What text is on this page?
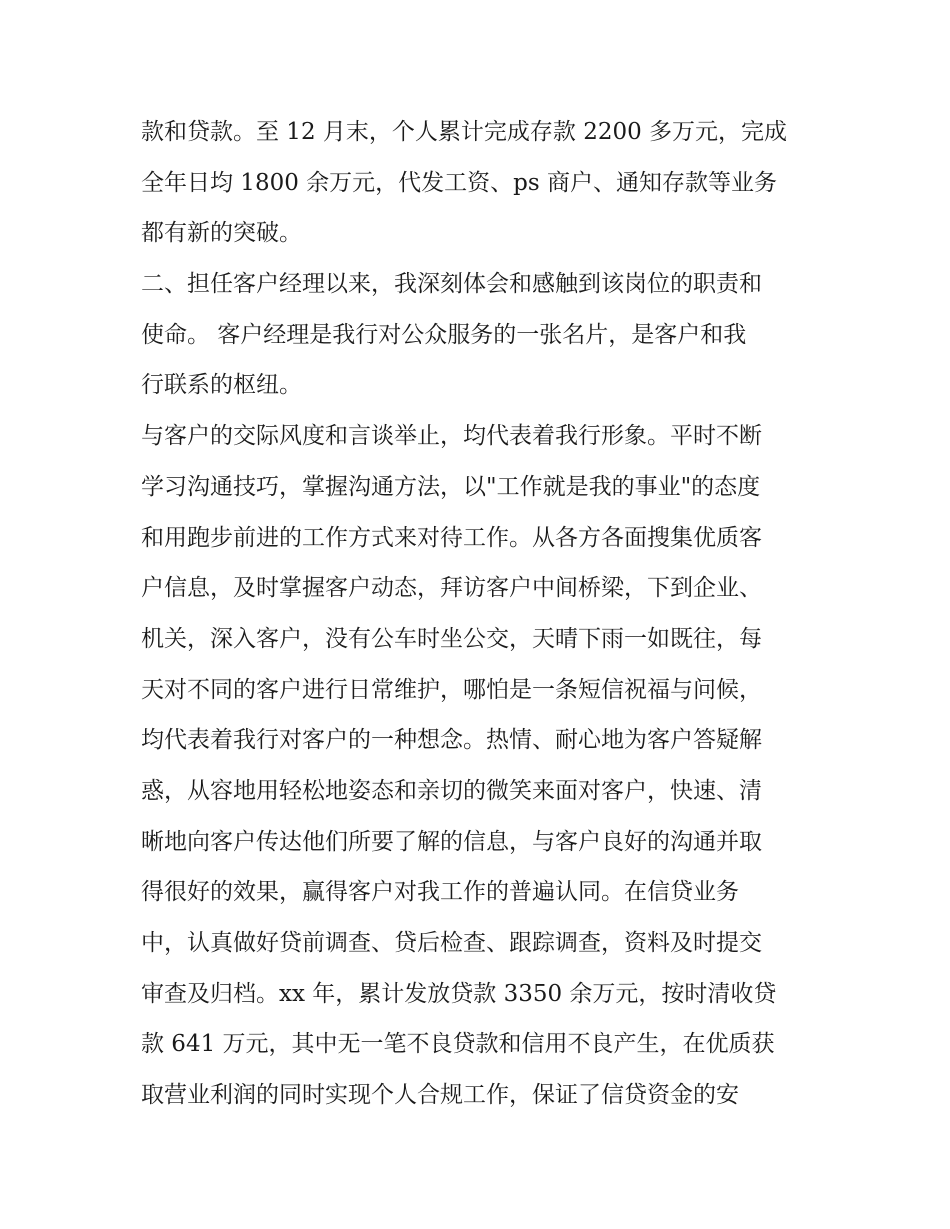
款和贷款。至 12 月末，个人累计完成存款 2200 多万元，完成
全年日均 1800 余万元，代发工资、ps 商户、通知存款等业务
都有新的突破。
二、担任客户经理以来，我深刻体会和感触到该岗位的职责和
使命。 客户经理是我行对公众服务的一张名片，是客户和我
行联系的枢纽。
与客户的交际风度和言谈举止，均代表着我行形象。平时不断
学习沟通技巧，掌握沟通方法，以"工作就是我的事业"的态度
和用跑步前进的工作方式来对待工作。从各方各面搜集优质客
户信息，及时掌握客户动态，拜访客户中间桥梁，下到企业、
机关，深入客户，没有公车时坐公交，天晴下雨一如既往，每
天对不同的客户进行日常维护，哪怕是一条短信祝福与问候，
均代表着我行对客户的一种想念。热情、耐心地为客户答疑解
惑，从容地用轻松地姿态和亲切的微笑来面对客户，快速、清
晰地向客户传达他们所要了解的信息，与客户良好的沟通并取
得很好的效果，赢得客户对我工作的普遍认同。在信贷业务
中，认真做好贷前调查、贷后检查、跟踪调查，资料及时提交
审查及归档。xx 年，累计发放贷款 3350 余万元，按时清收贷
款 641 万元，其中无一笔不良贷款和信用不良产生，在优质获
取营业利润的同时实现个人合规工作，保证了信贷资金的安
